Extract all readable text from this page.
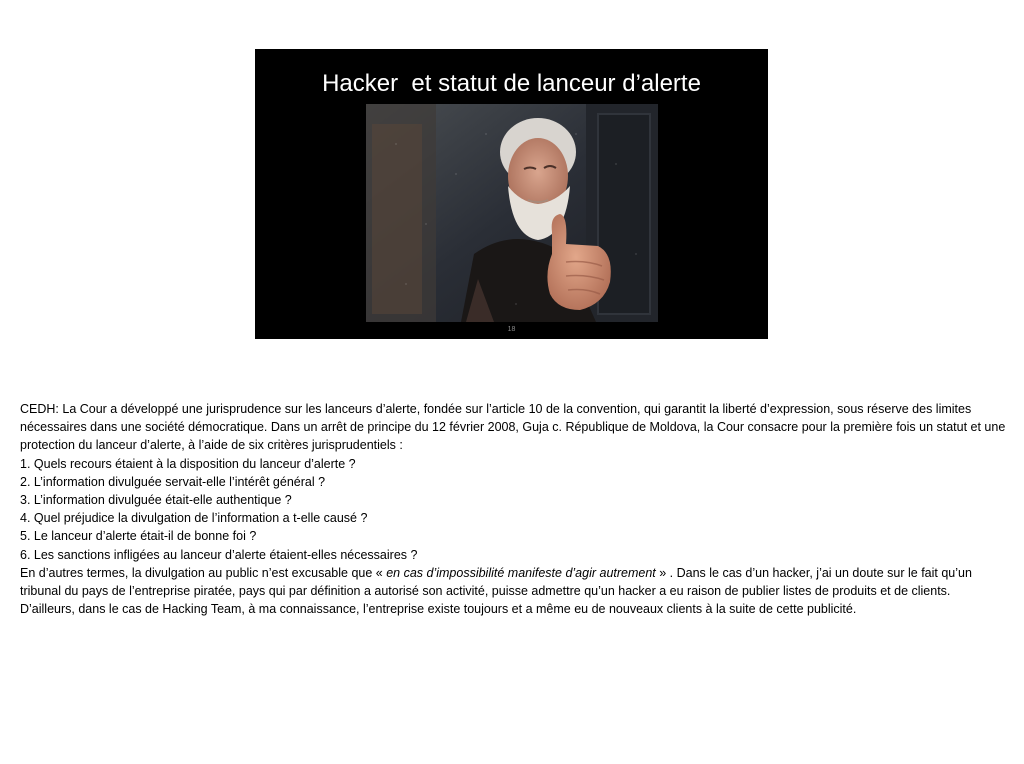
Hacker  et statut de lanceur d’alerte
18

CEDH: La Cour a développé une jurisprudence sur les lanceurs d’alerte, fondée sur l’article 10 de la convention, qui garantit la liberté d’expression, sous réserve des limites nécessaires dans une société démocratique. Dans un arrêt de principe du 12 février 2008, Guja c. République de Moldova, la Cour consacre pour la première fois un statut et une protection du lanceur d’alerte, à l’aide de six critères jurisprudentiels :

1. Quels recours étaient à la disposition du lanceur d’alerte ?

2. L’information divulguée servait-elle l’intérêt général ?

3. L’information divulguée était-elle authentique ?

4. Quel préjudice la divulgation de l’information a t-elle causé ?

5. Le lanceur d’alerte était-il de bonne foi ?

6. Les sanctions infligées au lanceur d’alerte étaient-elles nécessaires ?

En d’autres termes, la divulgation au public n’est excusable que « en cas d’impossibilité manifeste d’agir autrement » . Dans le cas d’un hacker, j’ai un doute sur le fait qu’un tribunal du pays de l’entreprise piratée, pays qui par définition a autorisé son activité, puisse admettre qu’un hacker a eu raison de publier listes de produits et de clients. D’ailleurs, dans le cas de Hacking Team, à ma connaissance, l’entreprise existe toujours et a même eu de nouveaux clients à la suite de cette publicité.
